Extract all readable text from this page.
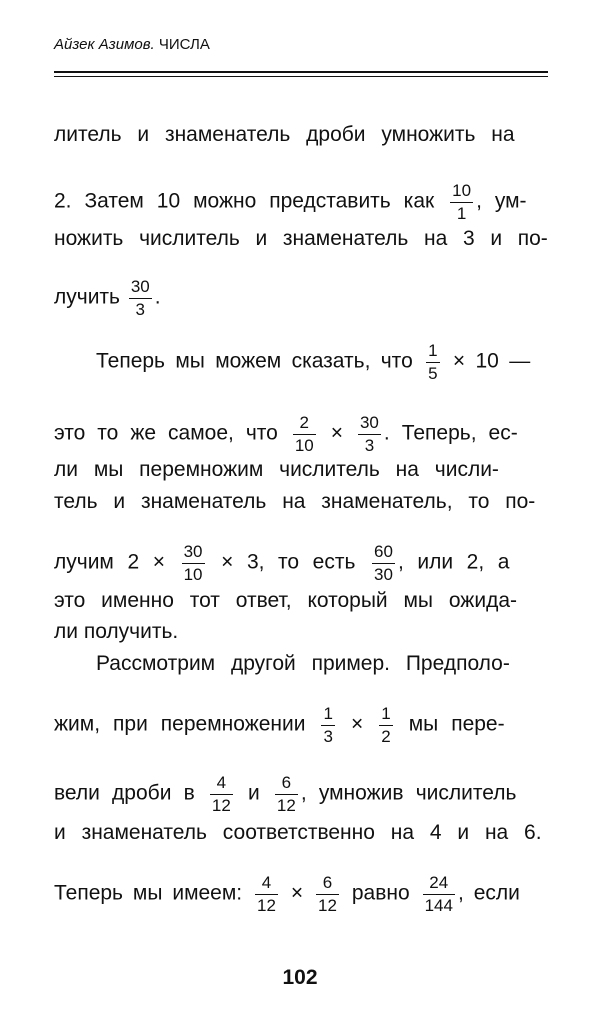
Айзек Азимов. ЧИСЛА
литель и знаменатель дроби умножить на
2. Затем 10 можно представить как $\frac{10}{1}$ , ум-
ножить числитель и знаменатель на 3 и по-
лучить $\frac{30}{3}$ .
Теперь мы можем сказать, что $\frac{1}{5} \times 10$ —
это то же самое, что $\frac{2}{10} \times \frac{30}{3}$ . Теперь, ес-
ли мы перемножим числитель на числи-
тель и знаменатель на знаменатель, то по-
лучим $2 \times \frac{30}{10} \times 3$, то есть $\frac{60}{30}$ , или 2, а
это именно тот ответ, который мы ожида-
ли получить.
Рассмотрим другой пример. Предполо-
жим, при перемножении $\frac{1}{3} \times \frac{1}{2}$ мы пере-
вели дроби в $\frac{4}{12}$ и $\frac{6}{12}$ , умножив числитель
и знаменатель соответственно на 4 и на 6.
Теперь мы имеем: $\frac{4}{12} \times \frac{6}{12}$ равно $\frac{24}{144}$ , если
102
